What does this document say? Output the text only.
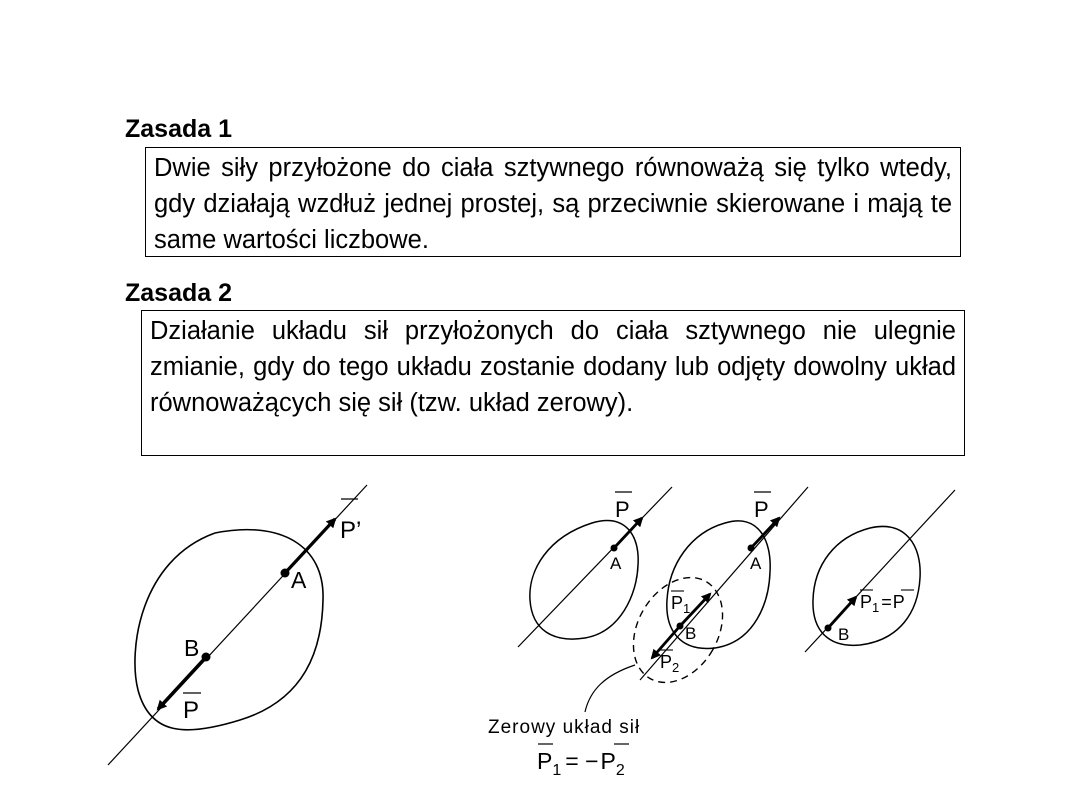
Zasada 1
Dwie siły przyłożone do ciała sztywnego równoważą się tylko wtedy, gdy działają wzdłuż jednej prostej, są przeciwnie skierowane i mają te same wartości liczbowe.
Zasada 2
Działanie układu sił przyłożonych do ciała sztywnego nie ulegnie zmianie, gdy do tego układu zostanie dodany lub odjęty dowolny układ równoważących się sił (tzw. układ zerowy).
P’
A
B
P
P
A
P
A
$P_1$
B
$P_2$
Zerowy układ sił
$P_1 = -P_2$
$P_1 =P$
B
